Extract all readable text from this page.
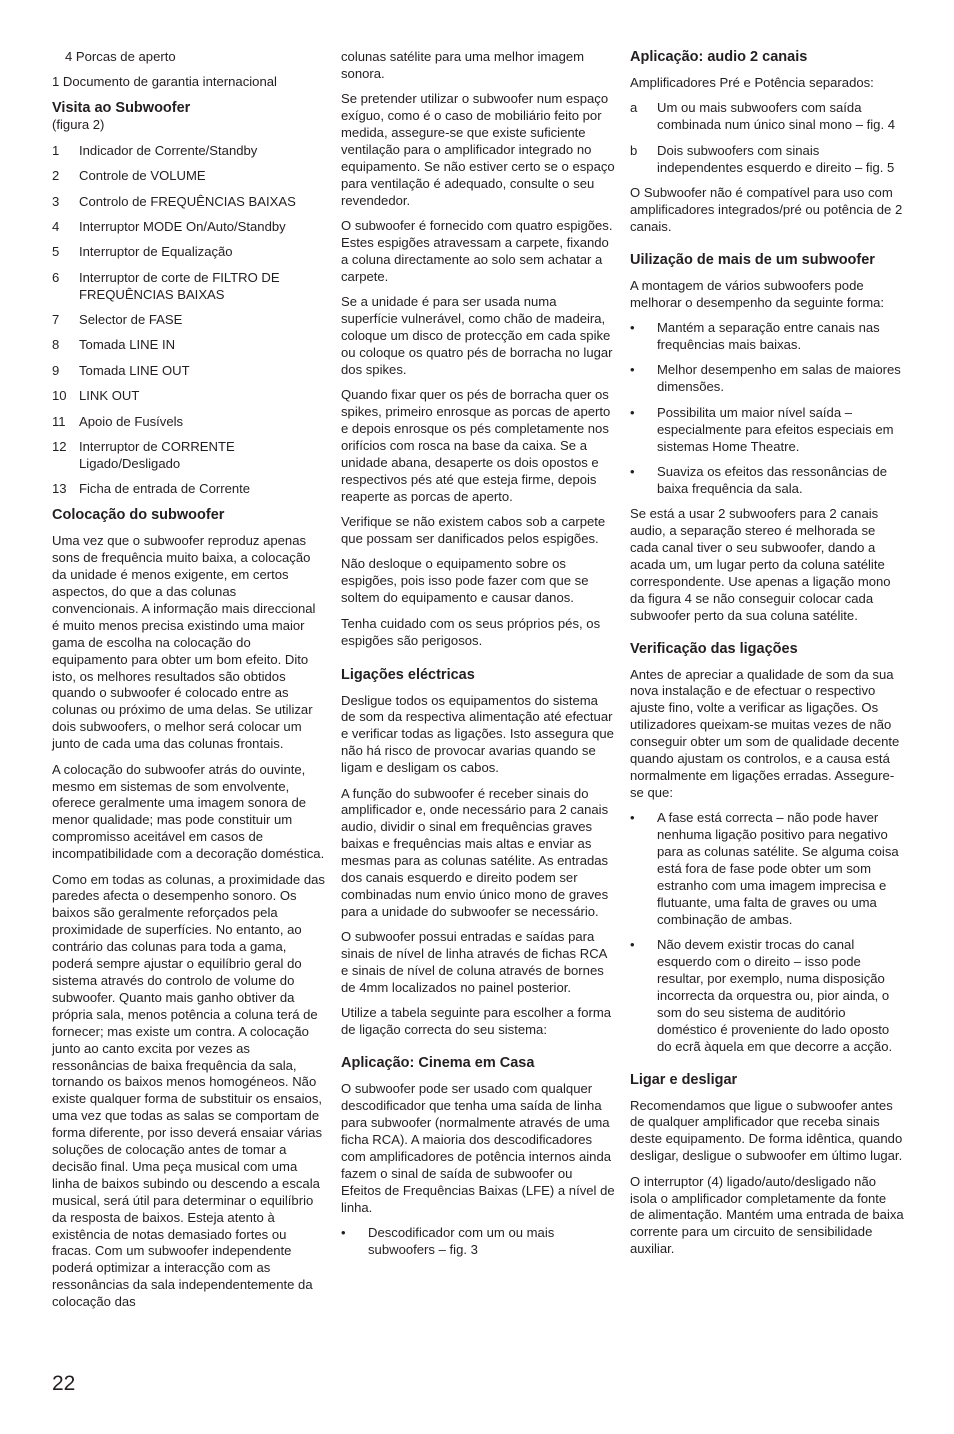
4 Porcas de aperto

1 Documento de garantia internacional

Visita ao Subwoofer
(figura 2)
1	Indicador de Corrente/Standby
2	Controle de VOLUME
3	Controlo de FREQUÊNCIAS BAIXAS
4	Interruptor MODE On/Auto/Standby
5	Interruptor de Equalização
6	Interruptor de corte de FILTRO DE FREQUÊNCIAS BAIXAS
7	Selector de FASE
8	Tomada LINE IN
9	Tomada LINE OUT
10 LINK OUT
11	Apoio de Fusívels
12 Interruptor de CORRENTE Ligado/Desligado
13 Ficha de entrada de Corrente
Colocação do subwoofer

Uma vez que o subwoofer reproduz apenas sons de frequência muito baixa, a colocação da unidade é menos exigente, em certos aspectos, do que a das colunas convencionais. A informação mais direccional é muito menos precisa existindo uma maior gama de escolha na colocação do equipamento para obter um bom efeito. Dito isto, os melhores resultados são obtidos quando o subwoofer é colocado entre as colunas ou próximo de uma delas. Se utilizar dois subwoofers, o melhor será colocar um junto de cada uma das colunas frontais.

A colocação do subwoofer atrás do ouvinte, mesmo em sistemas de som envolvente, oferece geralmente uma imagem sonora de menor qualidade; mas pode constituir um compromisso aceitável em casos de incompatibilidade com a decoração doméstica.

Como em todas as colunas, a proximidade das paredes afecta o desempenho sonoro. Os baixos são geralmente reforçados pela proximidade de superfícies. No entanto, ao contrário das colunas para toda a gama, poderá sempre ajustar o equilíbrio geral do sistema através do controlo de volume do subwoofer. Quanto mais ganho obtiver da própria sala, menos potência a coluna terá de fornecer; mas existe um contra. A colocação junto ao canto excita por vezes as ressonâncias de baixa frequência da sala, tornando os baixos menos homogéneos. Não existe qualquer forma de substituir os ensaios, uma vez que todas as salas se comportam de forma diferente, por isso deverá ensaiar várias soluções de colocação antes de tomar a decisão final. Uma peça musical com uma linha de baixos subindo ou descendo a escala musical, será útil para determinar o equilíbrio da resposta de baixos. Esteja atento à existência de notas demasiado fortes ou fracas. Com um subwoofer independente poderá optimizar a interacção com as ressonâncias da sala independentemente da colocação das

colunas satélite para uma melhor imagem sonora.

Se pretender utilizar o subwoofer num espaço exíguo, como é o caso de mobiliário feito por medida, assegure-se que existe suficiente ventilação para o amplificador integrado no equipamento. Se não estiver certo se o espaço para ventilação é adequado, consulte o seu revendedor.

O subwoofer é fornecido com quatro espigões. Estes espigões atravessam a carpete, fixando a coluna directamente ao solo sem achatar a carpete.

Se a unidade é para ser usada numa superfície vulnerável, como chão de madeira, coloque um disco de protecção em cada spike ou coloque os quatro pés de borracha no lugar dos spikes.

Quando fixar quer os pés de borracha quer os spikes, primeiro enrosque as porcas de aperto e depois enrosque os pés completamente nos orifícios com rosca na base da caixa. Se a unidade abana, desaperte os dois opostos e respectivos pés até que esteja firme, depois reaperte as porcas de aperto.

Verifique se não existem cabos sob a carpete que possam ser danificados pelos espigões.

Não desloque o equipamento sobre os espigões, pois isso pode fazer com que se soltem do equipamento e causar danos.

Tenha cuidado com os seus próprios pés, os espigões são perigosos.

Ligações eléctricas

Desligue todos os equipamentos do sistema de som da respectiva alimentação até efectuar e verificar todas as ligações. Isto assegura que não há risco de provocar avarias quando se ligam e desligam os cabos.

A função do subwoofer é receber sinais do amplificador e, onde necessário para 2 canais audio, dividir o sinal em frequências graves baixas e frequências mais altas e enviar as mesmas para as colunas satélite. As entradas dos canais esquerdo e direito podem ser combinadas num envio único mono de graves para a unidade do subwoofer se necessário.

O subwoofer possui entradas e saídas para sinais de nível de linha através de fichas RCA e sinais de nível de coluna através de bornes de 4mm localizados no painel posterior.

Utilize a tabela seguinte para escolher a forma de ligação correcta do seu sistema:

Aplicação: Cinema em Casa

O subwoofer pode ser usado com qualquer descodificador que tenha uma saída de linha para subwoofer (normalmente através de uma ficha RCA). A maioria dos descodificadores com amplificadores de potência internos ainda fazem o sinal de saída de subwoofer ou Efeitos de Frequências Baixas (LFE) a nível de linha.

•	Descodificador com um ou mais subwoofers – fig. 3
Aplicação: audio 2 canais

Amplificadores Pré e Potência separados:

a	Um ou mais subwoofers com saída combinada num único sinal mono – fig. 4
b	Dois subwoofers com sinais independentes esquerdo e direito – fig. 5

O Subwoofer não é compatível para uso com amplificadores integrados/pré ou potência de 2 canais.

Uilização de mais de um subwoofer

A montagem de vários subwoofers pode melhorar o desempenho da seguinte forma:

•	Mantém a separação entre canais nas frequências mais baixas.
•	Melhor desempenho em salas de maiores dimensões.
•	Possibilita um maior nível saída – especialmente para efeitos especiais em sistemas Home Theatre.
•	Suaviza os efeitos das ressonâncias de baixa frequência da sala.

Se está a usar 2 subwoofers para 2 canais audio, a separação stereo é melhorada se cada canal tiver o seu subwoofer, dando a acada um, um lugar perto da coluna satélite correspondente. Use apenas a ligação mono da figura 4 se não conseguir colocar cada subwoofer perto da sua coluna satélite.

Verificação das ligações

Antes de apreciar a qualidade de som da sua nova instalação e de efectuar o respectivo ajuste fino, volte a verificar as ligações. Os utilizadores queixam-se muitas vezes de não conseguir obter um som de qualidade decente quando ajustam os controlos, e a causa está normalmente em ligações erradas. Assegure-se que:

•	A fase está correcta – não pode haver nenhuma ligação positivo para negativo para as colunas satélite. Se alguma coisa está fora de fase pode obter um som estranho com uma imagem imprecisa e flutuante, uma falta de graves ou uma combinação de ambas.
•	Não devem existir trocas do canal esquerdo com o direito – isso pode resultar, por exemplo, numa disposição incorrecta da orquestra ou, pior ainda, o som do seu sistema de auditório doméstico é proveniente do lado oposto do ecrã àquela em que decorre a acção.
Ligar e desligar

Recomendamos que ligue o subwoofer antes de qualquer amplificador que receba sinais deste equipamento. De forma idêntica, quando desligar, desligue o subwoofer em último lugar.

O interruptor (4) ligado/auto/desligado não isola o amplificador completamente da fonte de alimentação. Mantém uma entrada de baixa corrente para um circuito de sensibilidade auxiliar.

22
